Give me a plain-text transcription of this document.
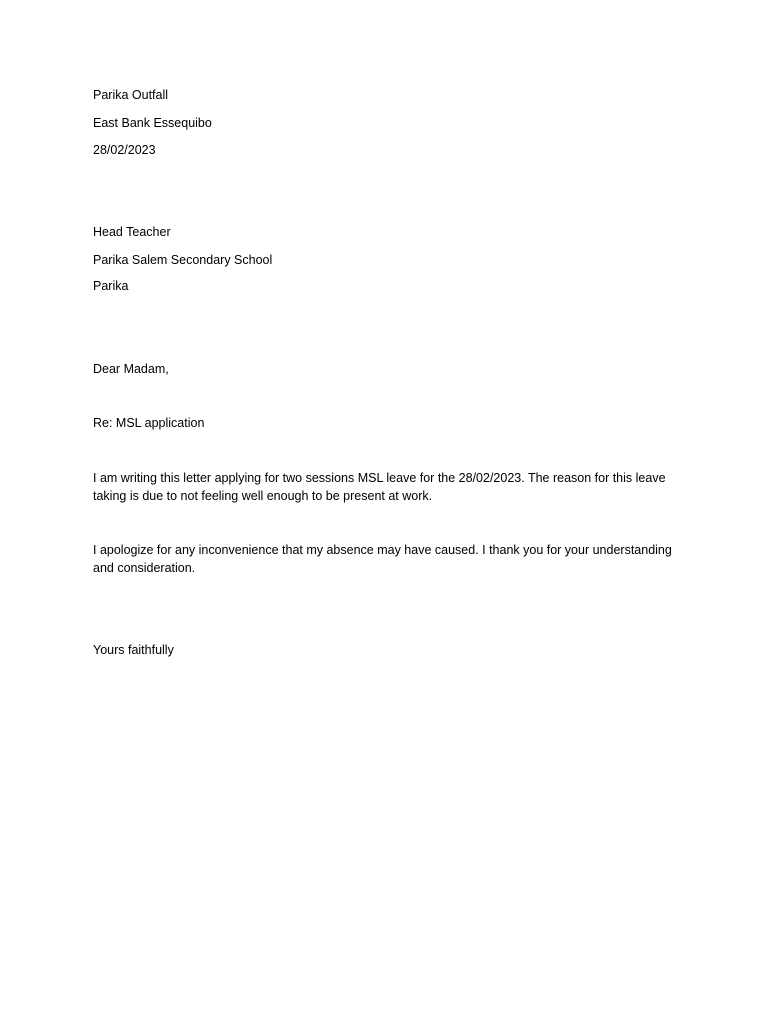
Parika Outfall
East Bank Essequibo
28/02/2023
Head Teacher
Parika Salem Secondary School
Parika
Dear Madam,
Re: MSL application
I am writing this letter applying for two sessions MSL leave for the 28/02/2023. The reason for this leave taking is due to not feeling well enough to be present at work.
I apologize for any inconvenience that my absence may have caused. I thank you for your understanding and consideration.
Yours faithfully
